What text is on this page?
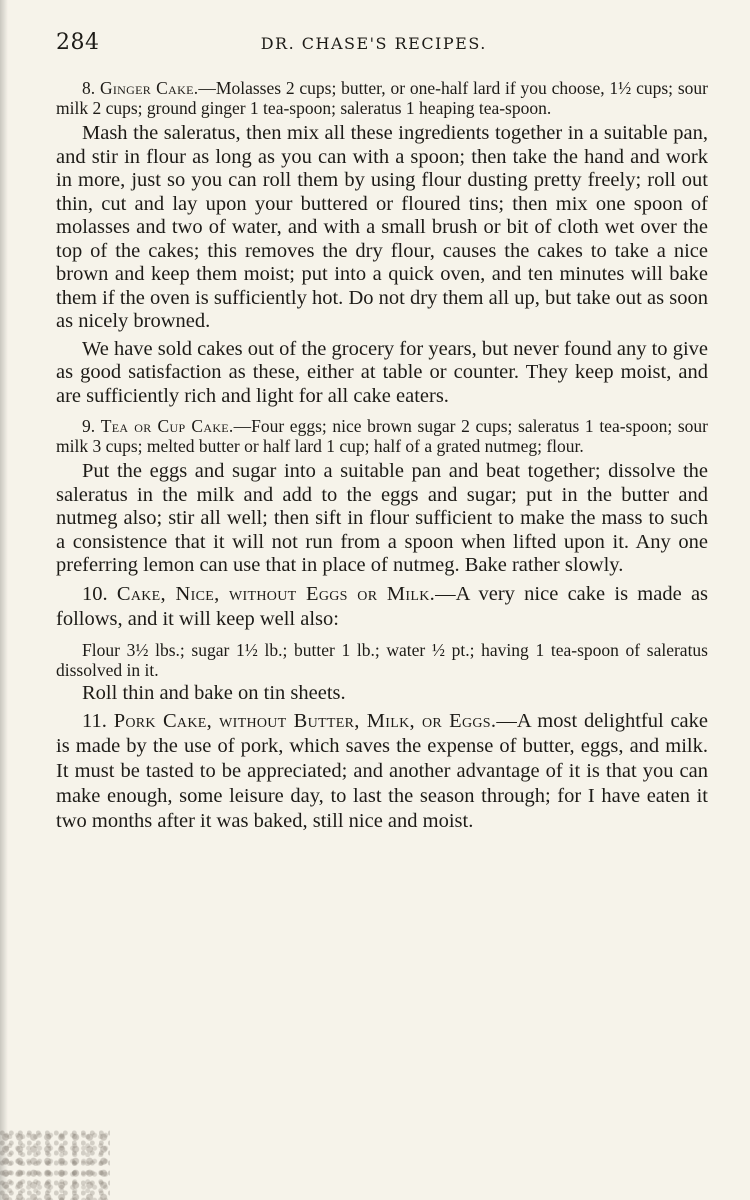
284	DR. CHASE'S RECIPES.

8. Ginger Cake.—Molasses 2 cups; butter, or one-half lard if you choose, 1½ cups; sour milk 2 cups; ground ginger 1 tea-spoon; saleratus 1 heaping tea-spoon.

Mash the saleratus, then mix all these ingredients together in a suitable pan, and stir in flour as long as you can with a spoon; then take the hand and work in more, just so you can roll them by using flour dusting pretty freely; roll out thin, cut and lay upon your buttered or floured tins; then mix one spoon of molasses and two of water, and with a small brush or bit of cloth wet over the top of the cakes; this removes the dry flour, causes the cakes to take a nice brown and keep them moist; put into a quick oven, and ten minutes will bake them if the oven is sufficiently hot. Do not dry them all up, but take out as soon as nicely browned.

We have sold cakes out of the grocery for years, but never found any to give as good satisfaction as these, either at table or counter. They keep moist, and are sufficiently rich and light for all cake eaters.

9. Tea or Cup Cake.—Four eggs; nice brown sugar 2 cups; saleratus 1 tea-spoon; sour milk 3 cups; melted butter or half lard 1 cup; half of a grated nutmeg; flour.

Put the eggs and sugar into a suitable pan and beat together; dissolve the saleratus in the milk and add to the eggs and sugar; put in the butter and nutmeg also; stir all well; then sift in flour sufficient to make the mass to such a consistence that it will not run from a spoon when lifted upon it. Any one preferring lemon can use that in place of nutmeg. Bake rather slowly.

10. Cake, Nice, without Eggs or Milk.—A very nice cake is made as follows, and it will keep well also:

Flour 3½ lbs.; sugar 1½ lb.; butter 1 lb.; water ½ pt.; having 1 tea-spoon of saleratus dissolved in it.

Roll thin and bake on tin sheets.

11. Pork Cake, without Butter, Milk, or Eggs.—A most delightful cake is made by the use of pork, which saves the expense of butter, eggs, and milk. It must be tasted to be appreciated; and another advantage of it is that you can make enough, some leisure day, to last the season through; for I have eaten it two months after it was baked, still nice and moist.
